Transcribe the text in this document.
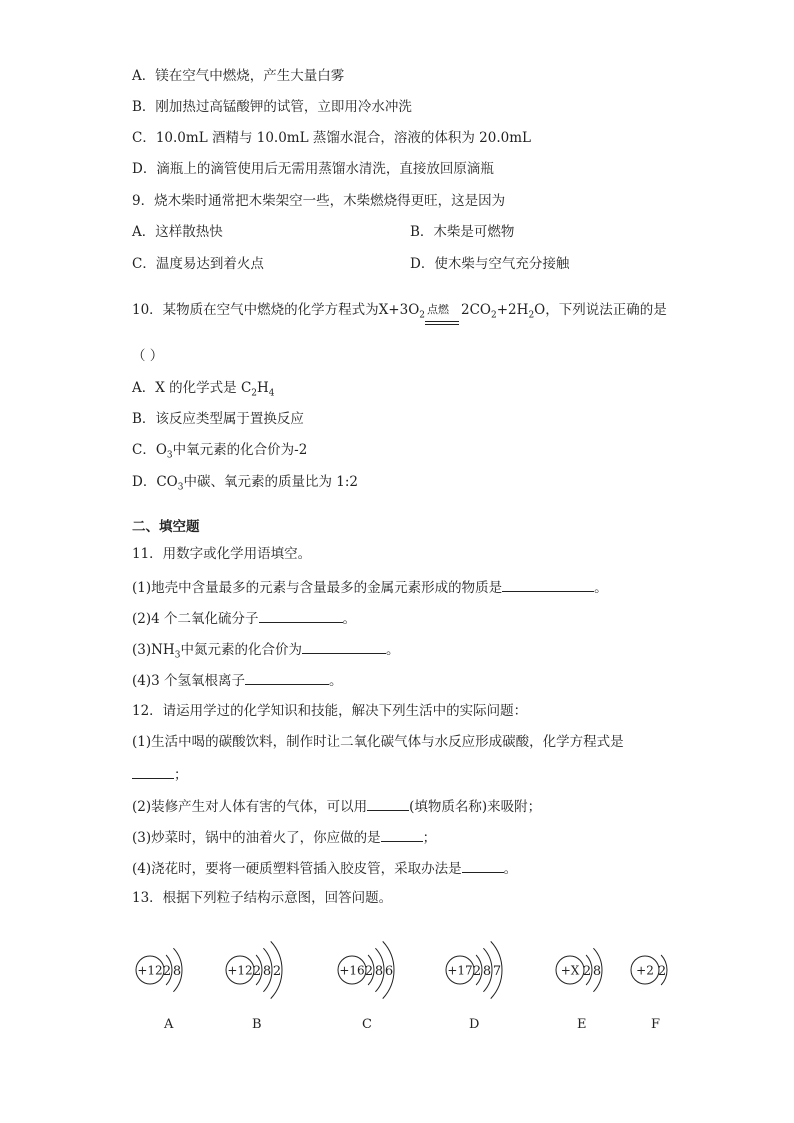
A．镁在空气中燃烧，产生大量白雾
B．刚加热过高锰酸钾的试管，立即用冷水冲洗
C．10.0mL 酒精与 10.0mL 蒸馏水混合，溶液的体积为 20.0mL
D．滴瓶上的滴管使用后无需用蒸馏水清洗，直接放回原滴瓶
9．烧木柴时通常把木柴架空一些，木柴燃烧得更旺，这是因为
A．这样散热快	B．木柴是可燃物
C．温度易达到着火点	D．使木柴与空气充分接触
10．某物质在空气中燃烧的化学方程式为$X+3O_2$ 点燃 $2CO_2+2H_2O$，下列说法正确的是
（ ）
A．X 的化学式是 $C_2H_4$
B．该反应类型属于置换反应
C．$O_3$中氧元素的化合价为-2
D．$CO_3$中碳、氧元素的质量比为 1:2
二、填空题
11．用数字或化学用语填空。
(1)地壳中含量最多的元素与含量最多的金属元素形成的物质是	。
(2)4 个二氧化硫分子	。
$(3)NH_3$中氮元素的化合价为	。
(4)3 个氢氧根离子	。
12．请运用学过的化学知识和技能，解决下列生活中的实际问题：
(1)生活中喝的碳酸饮料，制作时让二氧化碳气体与水反应形成碳酸，化学方程式是
；
(2)装修产生对人体有害的气体，可以用	(填物质名称)来吸附；
(3)炒菜时，锅中的油着火了，你应做的是	；
(4)浇花时，要将一硬质塑料管插入胶皮管，采取办法是	。
13．根据下列粒子结构示意图，回答问题。
+12 2 8
A
+12 2 8 2
B
+16 2 8 6
C
+17 2 8 7
D
+X 2 8
E
+2 2
F
